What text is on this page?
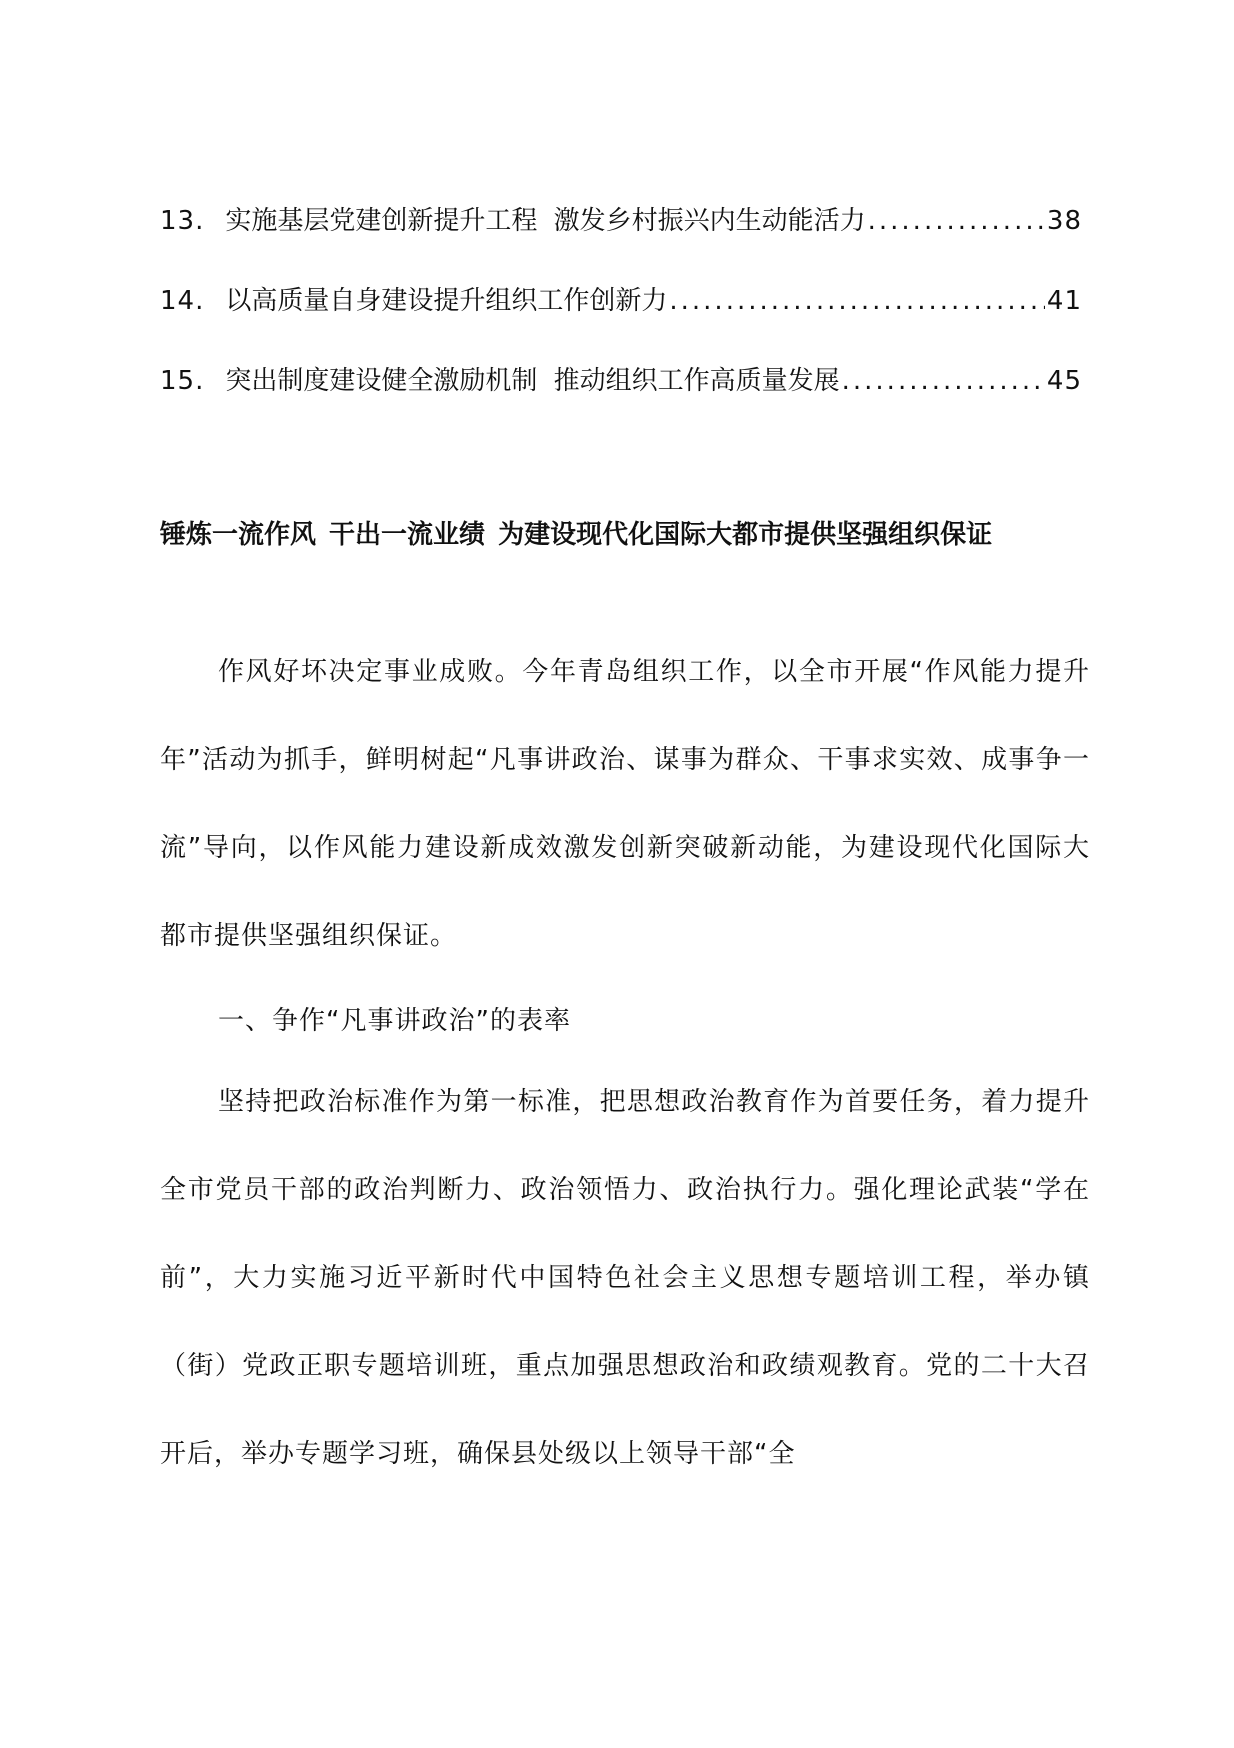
13 . 实施基层党建创新提升工程 激发乡村振兴内生动能活力 .....	38
14 . 以高质量自身建设提升组织工作创新力 .....	41
15 . 突出制度建设健全激励机制 推动组织工作高质量发展 .....	45
锤炼一流作风 干出一流业绩 为建设现代化国际大都市提供坚强组织保证

作风好坏决定事业成败。今年青岛组织工作，以全市开展“作风能力提升年”活动为抓手，鲜明树起“凡事讲政治、谋事为群众、干事求实效、成事争一流”导向，以作风能力建设新成效激发创新突破新动能，为建设现代化国际大都市提供坚强组织保证。

一、争作“凡事讲政治”的表率

坚持把政治标准作为第一标准，把思想政治教育作为首要任务，着力提升全市党员干部的政治判断力、政治领悟力、政治执行力。强化理论武装“学在前”，大力实施习近平新时代中国特色社会主义思想专题培训工程，举办镇（街）党政正职专题培训班，重点加强思想政治和政绩观教育。党的二十大召开后，举办专题学习班，确保县处级以上领导干部“全
